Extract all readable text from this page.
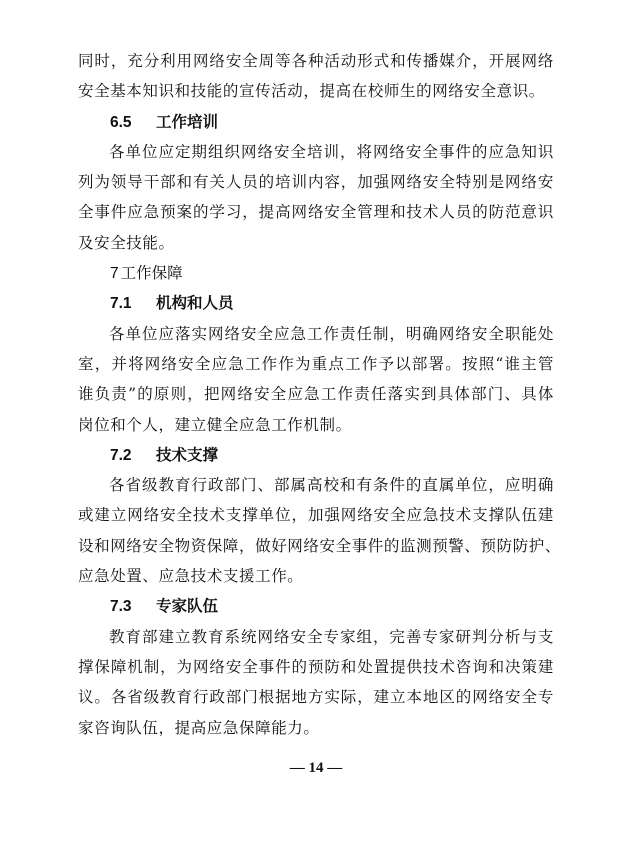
同时，充分利用网络安全周等各种活动形式和传播媒介，开展网络
安全基本知识和技能的宣传活动，提高在校师生的网络安全意识。
6.5 工作培训
各单位应定期组织网络安全培训，将网络安全事件的应急知识
列为领导干部和有关人员的培训内容，加强网络安全特别是网络安
全事件应急预案的学习，提高网络安全管理和技术人员的防范意识
及安全技能。
7 工作保障
7.1 机构和人员
各单位应落实网络安全应急工作责任制，明确网络安全职能处
室，并将网络安全应急工作作为重点工作予以部署。按照“谁主管
谁负责”的原则，把网络安全应急工作责任落实到具体部门、具体
岗位和个人，建立健全应急工作机制。
7.2 技术支撑
各省级教育行政部门、部属高校和有条件的直属单位，应明确
或建立网络安全技术支撑单位，加强网络安全应急技术支撑队伍建
设和网络安全物资保障，做好网络安全事件的监测预警、预防防护、
应急处置、应急技术支援工作。
7.3 专家队伍
教育部建立教育系统网络安全专家组，完善专家研判分析与支
撑保障机制，为网络安全事件的预防和处置提供技术咨询和决策建
议。各省级教育行政部门根据地方实际，建立本地区的网络安全专
家咨询队伍，提高应急保障能力。
— 14 —
